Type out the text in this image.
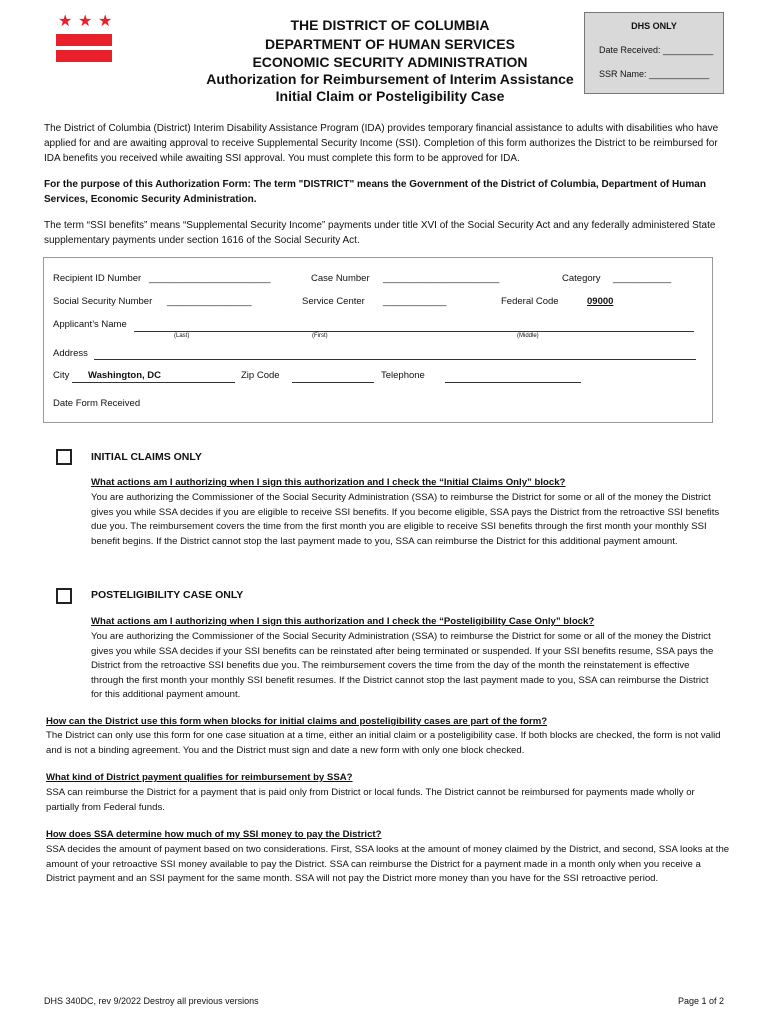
★ ★ ★	THE DISTRICT OF COLUMBIA
DEPARTMENT OF HUMAN SERVICES
ECONOMIC SECURITY ADMINISTRATION
Authorization for Reimbursement of Interim Assistance
Initial Claim or Posteligibility Case
DHS ONLY
Date Received: __________
SSR Name: ____________
The District of Columbia (District) Interim Disability Assistance Program (IDA) provides temporary financial assistance to adults with disabilities who have applied for and are awaiting approval to receive Supplemental Security Income (SSI). Completion of this form authorizes the District to be reimbursed for IDA benefits you received while awaiting SSI approval. You must complete this form to be approved for IDA.
For the purpose of this Authorization Form: The term "DISTRICT" means the Government of the District of Columbia, Department of Human Services, Economic Security Administration.
The term “SSI benefits” means “Supplemental Security Income” payments under title XVI of the Social Security Act and any federally administered State supplementary payments under section 1616 of the Social Security Act.
Recipient ID Number _______________________	Case Number ______________________	Category ___________
Social Security Number ________________	Service Center ____________	Federal Code	09000
Applicant’s Name
(Last)	(First)	(Middle)
Address
City Washington, DC	Zip Code	Telephone
Date Form Received
INITIAL CLAIMS ONLY
What actions am I authorizing when I sign this authorization and I check the “Initial Claims Only” block?
You are authorizing the Commissioner of the Social Security Administration (SSA) to reimburse the District for some or all of the money the District gives you while SSA decides if you are eligible to receive SSI benefits. If you become eligible, SSA pays the District from the retroactive SSI benefits due you. The reimbursement covers the time from the first month you are eligible to receive SSI benefits through the first month your monthly SSI benefit begins. If the District cannot stop the last payment made to you, SSA can reimburse the District for this additional payment amount.
POSTELIGIBILITY CASE ONLY
What actions am I authorizing when I sign this authorization and I check the “Posteligibility Case Only” block?
You are authorizing the Commissioner of the Social Security Administration (SSA) to reimburse the District for some or all of the money the District gives you while SSA decides if your SSI benefits can be reinstated after being terminated or suspended. If your SSI benefits resume, SSA pays the District from the retroactive SSI benefits due you. The reimbursement covers the time from the day of the month the reinstatement is effective through the first month your monthly SSI benefit resumes. If the District cannot stop the last payment made to you, SSA can reimburse the District for this additional payment amount.
How can the District use this form when blocks for initial claims and posteligibility cases are part of the form?
The District can only use this form for one case situation at a time, either an initial claim or a posteligibility case. If both blocks are checked, the form is not valid and is not a binding agreement. You and the District must sign and date a new form with only one block checked.
What kind of District payment qualifies for reimbursement by SSA?
SSA can reimburse the District for a payment that is paid only from District or local funds. The District cannot be reimbursed for payments made wholly or partially from Federal funds.
How does SSA determine how much of my SSI money to pay the District?
SSA decides the amount of payment based on two considerations. First, SSA looks at the amount of money claimed by the District, and second, SSA looks at the amount of your retroactive SSI money available to pay the District. SSA can reimburse the District for a payment made in a month only when you receive a District payment and an SSI payment for the same month. SSA will not pay the District more money than you have for the SSI retroactive period.
DHS 340DC, rev 9/2022 Destroy all previous versions	Page 1 of 2
